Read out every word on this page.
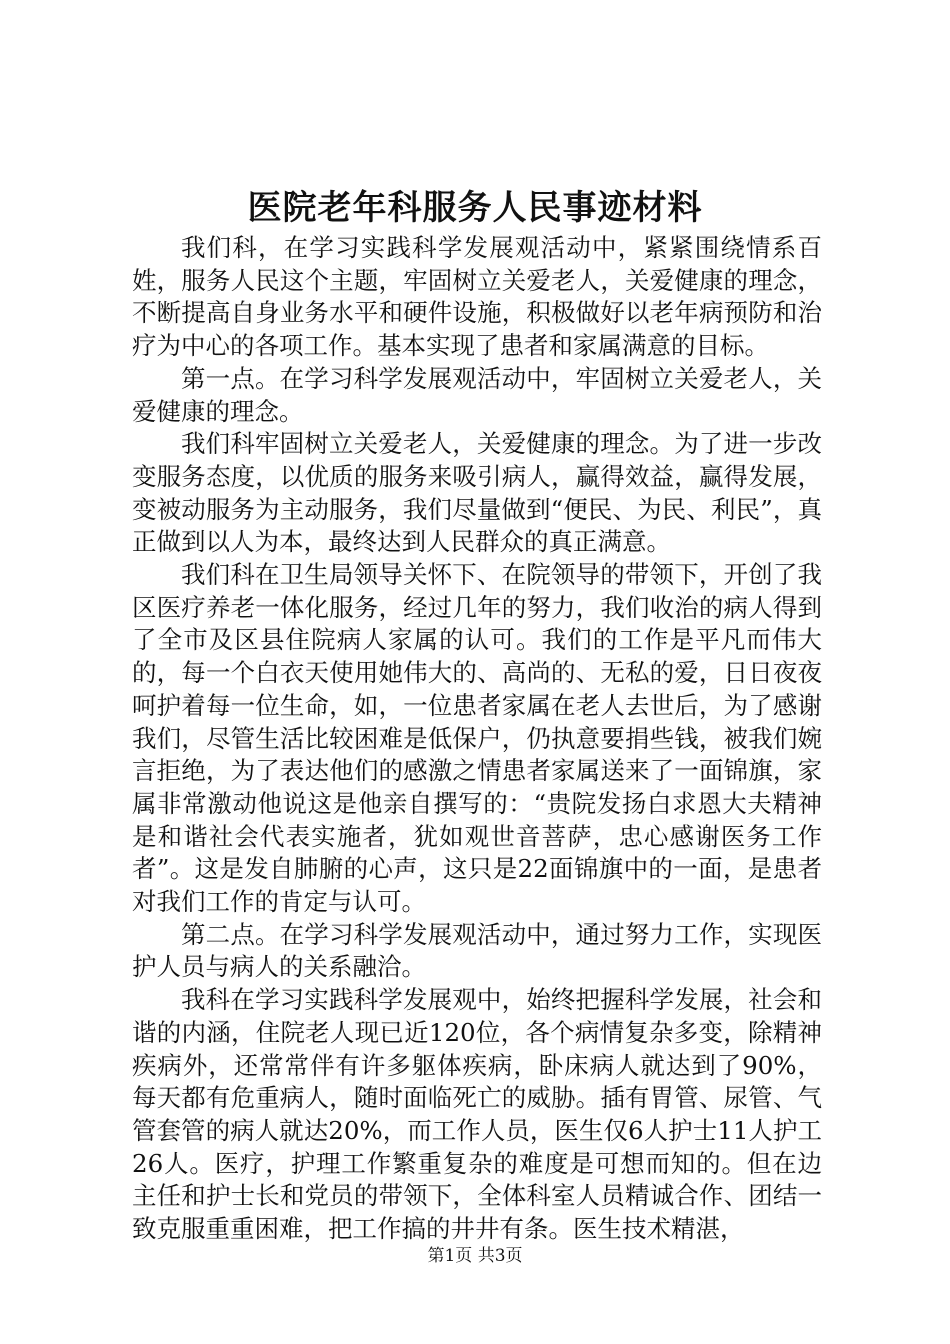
医院老年科服务人民事迹材料

我们科，在学习实践科学发展观活动中，紧紧围绕情系百姓，服务人民这个主题，牢固树立关爱老人，关爱健康的理念，不断提高自身业务水平和硬件设施，积极做好以老年病预防和治疗为中心的各项工作。基本实现了患者和家属满意的目标。

第一点。在学习科学发展观活动中，牢固树立关爱老人，关爱健康的理念。

我们科牢固树立关爱老人，关爱健康的理念。为了进一步改变服务态度，以优质的服务来吸引病人，赢得效益，赢得发展，变被动服务为主动服务，我们尽量做到“便民、为民、利民”，真正做到以人为本，最终达到人民群众的真正满意。

我们科在卫生局领导关怀下、在院领导的带领下，开创了我区医疗养老一体化服务，经过几年的努力，我们收治的病人得到了全市及区县住院病人家属的认可。我们的工作是平凡而伟大的，每一个白衣天使用她伟大的、高尚的、无私的爱，日日夜夜呵护着每一位生命，如，一位患者家属在老人去世后，为了感谢我们，尽管生活比较困难是低保户，仍执意要捐些钱，被我们婉言拒绝，为了表达他们的感激之情患者家属送来了一面锦旗，家属非常激动他说这是他亲自撰写的：“贵院发扬白求恩大夫精神是和谐社会代表实施者，犹如观世音菩萨，忠心感谢医务工作者”。这是发自肺腑的心声，这只是22面锦旗中的一面，是患者对我们工作的肯定与认可。

第二点。在学习科学发展观活动中，通过努力工作，实现医护人员与病人的关系融洽。

我科在学习实践科学发展观中，始终把握科学发展，社会和谐的内涵，住院老人现已近120位，各个病情复杂多变，除精神疾病外，还常常伴有许多躯体疾病，卧床病人就达到了90%，每天都有危重病人，随时面临死亡的威胁。插有胃管、尿管、气管套管的病人就达20%，而工作人员，医生仅6人护士11人护工26人。医疗，护理工作繁重复杂的难度是可想而知的。但在边主任和护士长和党员的带领下，全体科室人员精诚合作、团结一致克服重重困难，把工作搞的井井有条。医生技术精湛，

第1页 共3页
